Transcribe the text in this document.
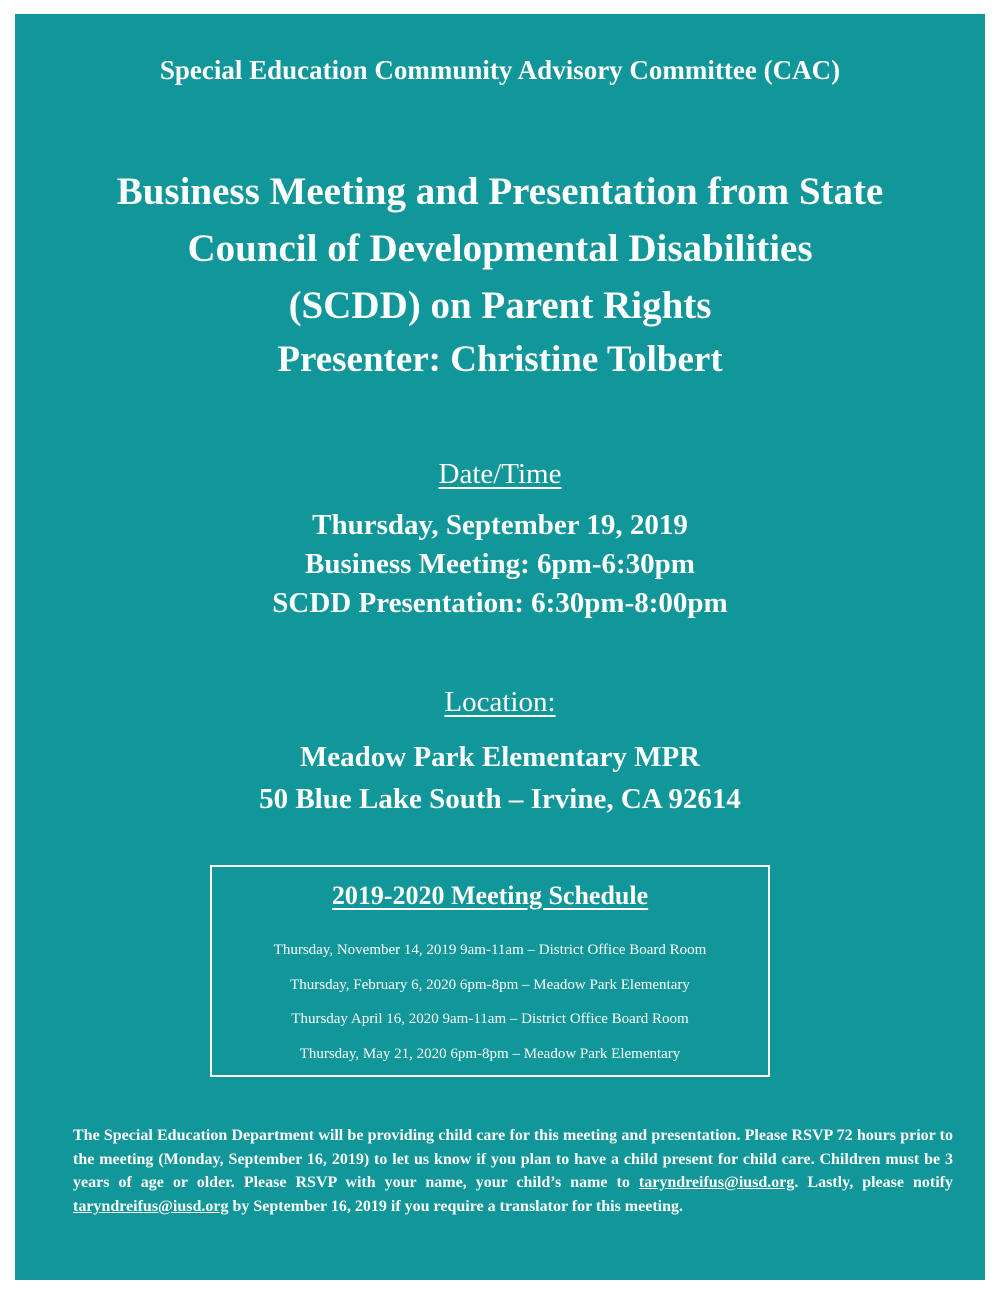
Special Education Community Advisory Committee (CAC)
Business Meeting and Presentation from State
Council of Developmental Disabilities
(SCDD) on Parent Rights
Presenter: Christine Tolbert
Date/Time
Thursday, September 19, 2019
Business Meeting: 6pm-6:30pm
SCDD Presentation: 6:30pm-8:00pm
Location:
Meadow Park Elementary MPR
50 Blue Lake South – Irvine, CA 92614
2019-2020 Meeting Schedule
Thursday, November 14, 2019 9am-11am – District Office Board Room
Thursday, February 6, 2020 6pm-8pm – Meadow Park Elementary
Thursday April 16, 2020 9am-11am – District Office Board Room
Thursday, May 21, 2020 6pm-8pm – Meadow Park Elementary
The Special Education Department will be providing child care for this meeting and presentation. Please RSVP 72 hours prior to the meeting (Monday, September 16, 2019) to let us know if you plan to have a child present for child care. Children must be 3 years of age or older. Please RSVP with your name, your child’s name to taryndreifus@iusd.org. Lastly, please notify taryndreifus@iusd.org by September 16, 2019 if you require a translator for this meeting.
